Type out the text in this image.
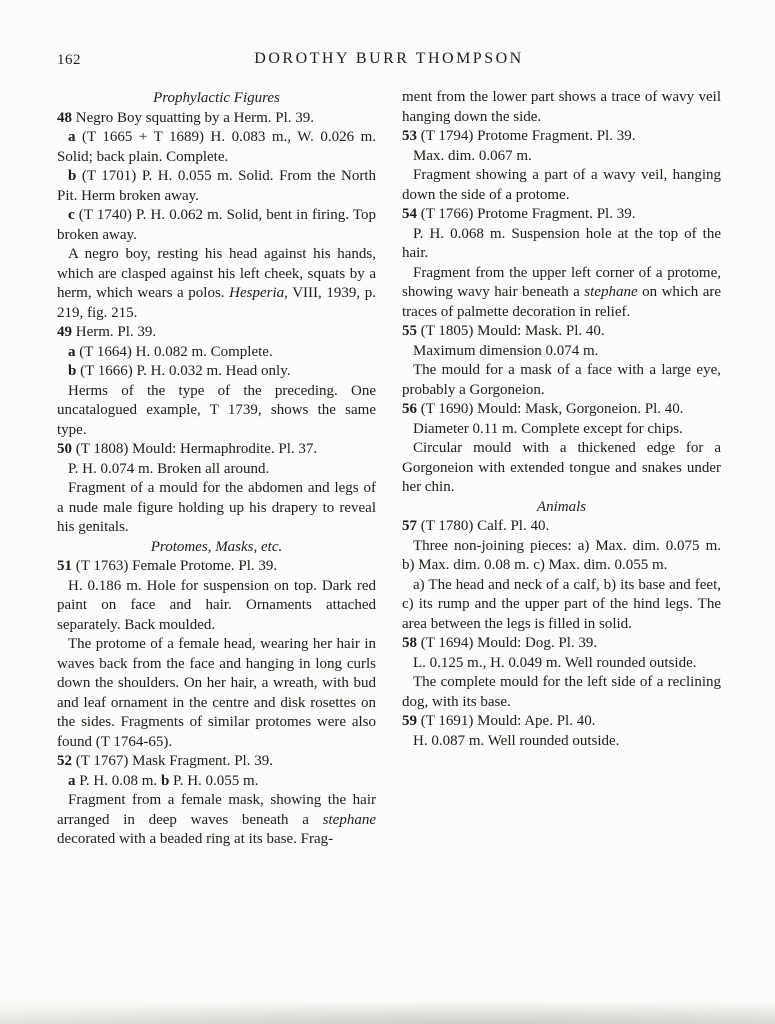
162	DOROTHY BURR THOMPSON

Prophylactic Figures

48 Negro Boy squatting by a Herm. Pl. 39.

a (T 1665 + T 1689) H. 0.083 m., W. 0.026 m. Solid; back plain. Complete.

b (T 1701) P. H. 0.055 m. Solid. From the North Pit. Herm broken away.

c (T 1740) P. H. 0.062 m. Solid, bent in firing. Top broken away.

A negro boy, resting his head against his hands, which are clasped against his left cheek, squats by a herm, which wears a polos. Hesperia, VIII, 1939, p. 219, fig. 215.

49 Herm. Pl. 39.

a (T 1664) H. 0.082 m. Complete.

b (T 1666) P. H. 0.032 m. Head only.

Herms of the type of the preceding. One uncatalogued example, T 1739, shows the same type.

50 (T 1808) Mould: Hermaphrodite. Pl. 37.

P. H. 0.074 m. Broken all around.

Fragment of a mould for the abdomen and legs of a nude male figure holding up his drapery to reveal his genitals.

Protomes, Masks, etc.

51 (T 1763) Female Protome. Pl. 39.

H. 0.186 m. Hole for suspension on top. Dark red paint on face and hair. Ornaments attached separately. Back moulded.

The protome of a female head, wearing her hair in waves back from the face and hanging in long curls down the shoulders. On her hair, a wreath, with bud and leaf ornament in the centre and disk rosettes on the sides. Fragments of similar protomes were also found (T 1764-65).

52 (T 1767) Mask Fragment. Pl. 39.

a P. H. 0.08 m. b P. H. 0.055 m.

Fragment from a female mask, showing the hair arranged in deep waves beneath a stephane decorated with a beaded ring at its base. Frag-

ment from the lower part shows a trace of wavy veil hanging down the side.

53 (T 1794) Protome Fragment. Pl. 39.

Max. dim. 0.067 m.

Fragment showing a part of a wavy veil, hanging down the side of a protome.

54 (T 1766) Protome Fragment. Pl. 39.

P. H. 0.068 m. Suspension hole at the top of the hair.

Fragment from the upper left corner of a protome, showing wavy hair beneath a stephane on which are traces of palmette decoration in relief.

55 (T 1805) Mould: Mask. Pl. 40.

Maximum dimension 0.074 m.

The mould for a mask of a face with a large eye, probably a Gorgoneion.

56 (T 1690) Mould: Mask, Gorgoneion. Pl. 40.

Diameter 0.11 m. Complete except for chips.

Circular mould with a thickened edge for a Gorgoneion with extended tongue and snakes under her chin.

Animals

57 (T 1780) Calf. Pl. 40.

Three non-joining pieces: a) Max. dim. 0.075 m. b) Max. dim. 0.08 m. c) Max. dim. 0.055 m.

a) The head and neck of a calf, b) its base and feet, c) its rump and the upper part of the hind legs. The area between the legs is filled in solid.

58 (T 1694) Mould: Dog. Pl. 39.

L. 0.125 m., H. 0.049 m. Well rounded outside.

The complete mould for the left side of a reclining dog, with its base.

59 (T 1691) Mould: Ape. Pl. 40.

H. 0.087 m. Well rounded outside.
